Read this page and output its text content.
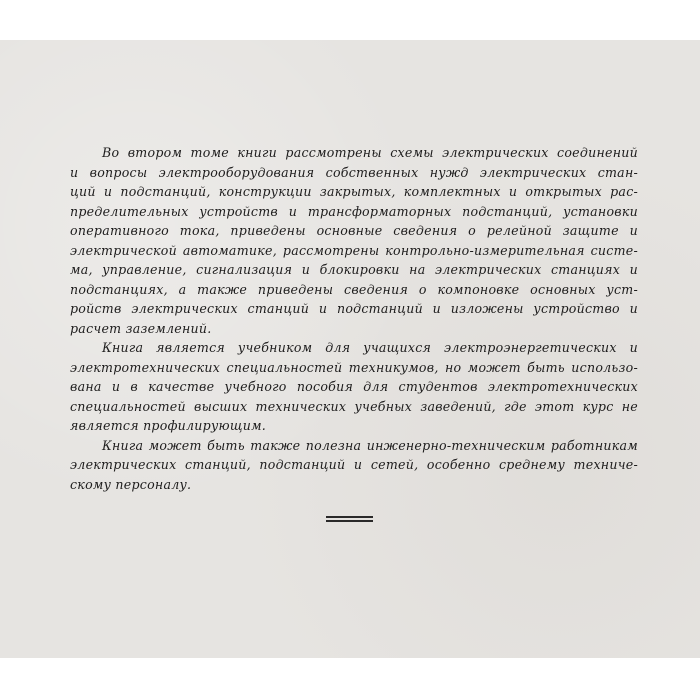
Во втором томе книги рассмотрены схемы электрических соединений
и вопросы электрооборудования собственных нужд электрических стан-
ций и подстанций, конструкции закрытых, комплектных и открытых рас-
пределительных устройств и трансформаторных подстанций, установки
оперативного тока, приведены основные сведения о релейной защите и
электрической автоматике, рассмотрены контрольно-измерительная систе-
ма, управление, сигнализация и блокировки на электрических станциях и
подстанциях, а также приведены сведения о компоновке основных уст-
ройств электрических станций и подстанций и изложены устройство и
расчет заземлений.
Книга является учебником для учащихся электроэнергетических и
электротехнических специальностей техникумов, но может быть использо-
вана и в качестве учебного пособия для студентов электротехнических
специальностей высших технических учебных заведений, где этот курс не
является профилирующим.
Книга может быть также полезна инженерно-техническим работникам
электрических станций, подстанций и сетей, особенно среднему техниче-
скому персоналу.
